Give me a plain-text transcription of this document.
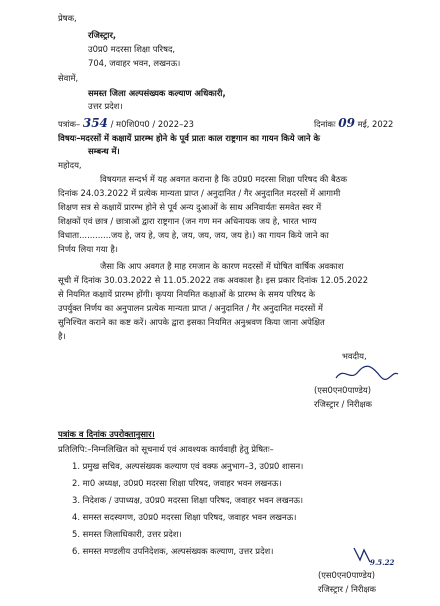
प्रेषक,
रजिस्ट्रार,
उ0प्र0 मदरसा शिक्षा परिषद,
704, जवाहर भवन, लखनऊ।
सेवामें,
समस्त जिला अल्पसंख्यक कल्याण अधिकारी,
उत्तर प्रदेश।
पत्रांक– 354 / म0शि0प0 / 2022–23	दिनांकः 09 मई, 2022
विषयः–मदरसों में कक्षायें प्रारम्भ होने के पूर्व प्रातः काल राष्ट्रगान का गायन किये जाने के
सम्बन्ध में।
महोदय,
विषयगत सन्दर्भ में यह अवगत कराना है कि उ0प्र0 मदरसा शिक्षा परिषद की बैठक
दिनांक 24.03.2022 में प्रत्येक मान्यता प्राप्त / अनुदानित / गैर अनुदानित मदरसों में आगामी
शिक्षण सत्र से कक्षायें प्रारम्भ होने से पूर्व अन्य दुआओं के साथ अनिवार्यतः समवेत स्वर में
शिक्षकों एवं छात्र / छात्राओं द्वारा राष्ट्रगान (जन गण मन अधिनायक जय हे, भारत भाग्य
विधाता............जय हे, जय हे, जय हे, जय, जय, जय, जय हे।) का गायन किये जाने का
निर्णय लिया गया है।
जैसा कि आप अवगत है माह रमजान के कारण मदरसों में घोषित वार्षिक अवकाश
सूची में दिनांक 30.03.2022 से 11.05.2022 तक अवकाश है। इस प्रकार दिनांक 12.05.2022
से नियमित कक्षायें प्रारम्भ होंगी। कृपया नियमित कक्षाओं के प्रारम्भ के समय परिषद के
उपर्युक्त निर्णय का अनुपालन प्रत्येक मान्यता प्राप्त / अनुदानित / गैर अनुदानित मदरसों में
सुनिश्चित कराने का कष्ट करें। आपके द्वारा इसका नियमित अनुश्रवण किया जाना अपेक्षित
है।
भवदीय,
(एस0एन0पाण्डेय)
रजिस्ट्रार / निरीक्षक
पत्रांक व दिनांक उपरोक्तानुसार।
प्रतिलिपि:–निम्नलिखित को सूचनार्थ एवं आवश्यक कार्यवाही हेतु प्रेषितः–
1. प्रमुख सचिव, अल्पसंख्यक कल्याण एवं वक्फ अनुभाग–3, उ0प्र0 शासन।
2. मा0 अध्यक्ष, उ0प्र0 मदरसा शिक्षा परिषद, जवाहर भवन लखनऊ।
3. निदेशक / उपाध्यक्ष, उ0प्र0 मदरसा शिक्षा परिषद, जवाहर भवन लखनऊ।
4. समस्त सदस्यगण, उ0प्र0 मदरसा शिक्षा परिषद, जवाहर भवन लखनऊ।
5. समस्त जिलाधिकारी, उत्तर प्रदेश।
6. समस्त मण्डलीय उपनिदेशक, अल्पसंख्यक कल्याण, उत्तर प्रदेश।
9.5.22
(एस0एन0पाण्डेय)
रजिस्ट्रार / निरीक्षक
